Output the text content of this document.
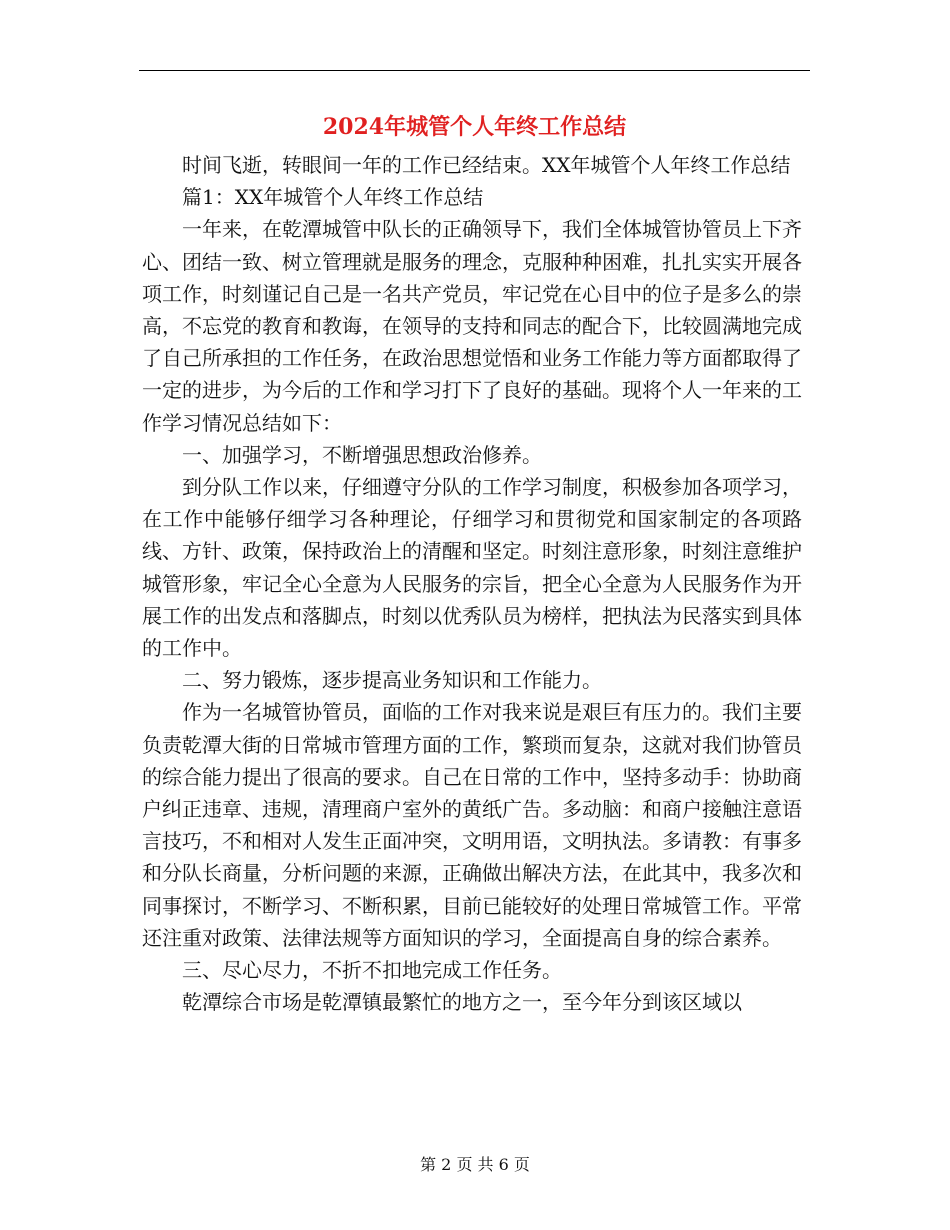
2024年城管个人年终工作总结

时间飞逝，转眼间一年的工作已经结束。XX年城管个人年终工作总结

篇1：XX年城管个人年终工作总结

一年来，在乾潭城管中队长的正确领导下，我们全体城管协管员上下齐心、团结一致、树立管理就是服务的理念，克服种种困难，扎扎实实开展各项工作，时刻谨记自己是一名共产党员，牢记党在心目中的位子是多么的崇高，不忘党的教育和教诲，在领导的支持和同志的配合下，比较圆满地完成了自己所承担的工作任务，在政治思想觉悟和业务工作能力等方面都取得了一定的进步，为今后的工作和学习打下了良好的基础。现将个人一年来的工作学习情况总结如下：

一、加强学习，不断增强思想政治修养。

到分队工作以来，仔细遵守分队的工作学习制度，积极参加各项学习，在工作中能够仔细学习各种理论，仔细学习和贯彻党和国家制定的各项路线、方针、政策，保持政治上的清醒和坚定。时刻注意形象，时刻注意维护城管形象，牢记全心全意为人民服务的宗旨，把全心全意为人民服务作为开展工作的出发点和落脚点，时刻以优秀队员为榜样，把执法为民落实到具体的工作中。

二、努力锻炼，逐步提高业务知识和工作能力。

作为一名城管协管员，面临的工作对我来说是艰巨有压力的。我们主要负责乾潭大街的日常城市管理方面的工作，繁琐而复杂，这就对我们协管员的综合能力提出了很高的要求。自己在日常的工作中，坚持多动手：协助商户纠正违章、违规，清理商户室外的黄纸广告。多动脑：和商户接触注意语言技巧，不和相对人发生正面冲突，文明用语，文明执法。多请教：有事多和分队长商量，分析问题的来源，正确做出解决方法，在此其中，我多次和同事探讨，不断学习、不断积累，目前已能较好的处理日常城管工作。平常还注重对政策、法律法规等方面知识的学习，全面提高自身的综合素养。

三、尽心尽力，不折不扣地完成工作任务。

乾潭综合市场是乾潭镇最繁忙的地方之一，至今年分到该区域以

第 2 页 共 6 页
